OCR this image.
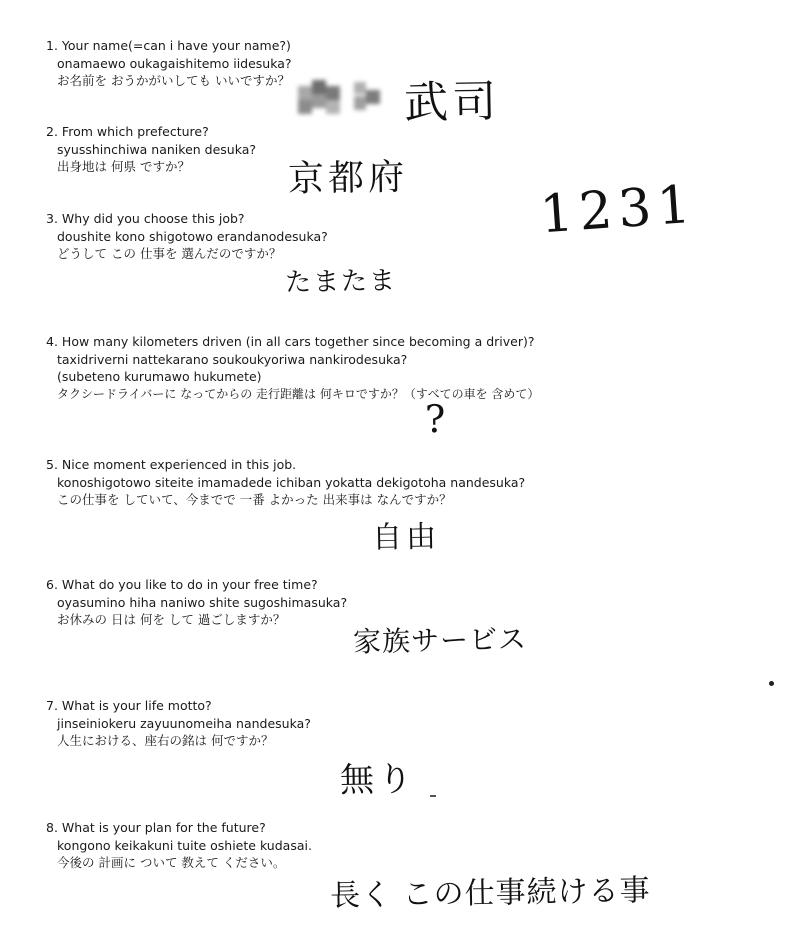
1. Your name(=can i have your name?)
onamaewo oukagaishitemo iidesuka?
お名前を おうかがいしても いいですか？
2. From which prefecture?
syusshinchiwa naniken desuka?
出身地は 何県 ですか？
3. Why did you choose this job?
doushite kono shigotowo erandanodesuka?
どうして この 仕事を 選んだのですか？
4. How many kilometers driven (in all cars together since becoming a driver)?
taxidriverni nattekarano soukoukyoriwa nankirodesuka?
(subeteno kurumawo hukumete)
タクシードライバーに なってからの 走行距離は 何キロですか？（すべての車を 含めて）
5. Nice moment experienced in this job.
konoshigotowo siteite imamadede ichiban yokatta dekigotoha nandesuka?
この仕事を していて、今までで 一番 よかった 出来事は なんですか？
6. What do you like to do in your free time?
oyasumino hiha naniwo shite sugoshimasuka?
お休みの 日は 何を して 過ごしますか？
7. What is your life motto?
jinseiniokeru zayuunomeiha nandesuka?
人生における、座右の銘は 何ですか？
8. What is your plan for the future?
kongono keikakuni tuite oshiete kudasai.
今後の 計画に ついて 教えて ください。
武司
京都府
たまたま
?
自由
家族サービス
無り
長く この仕事続ける事
1231
